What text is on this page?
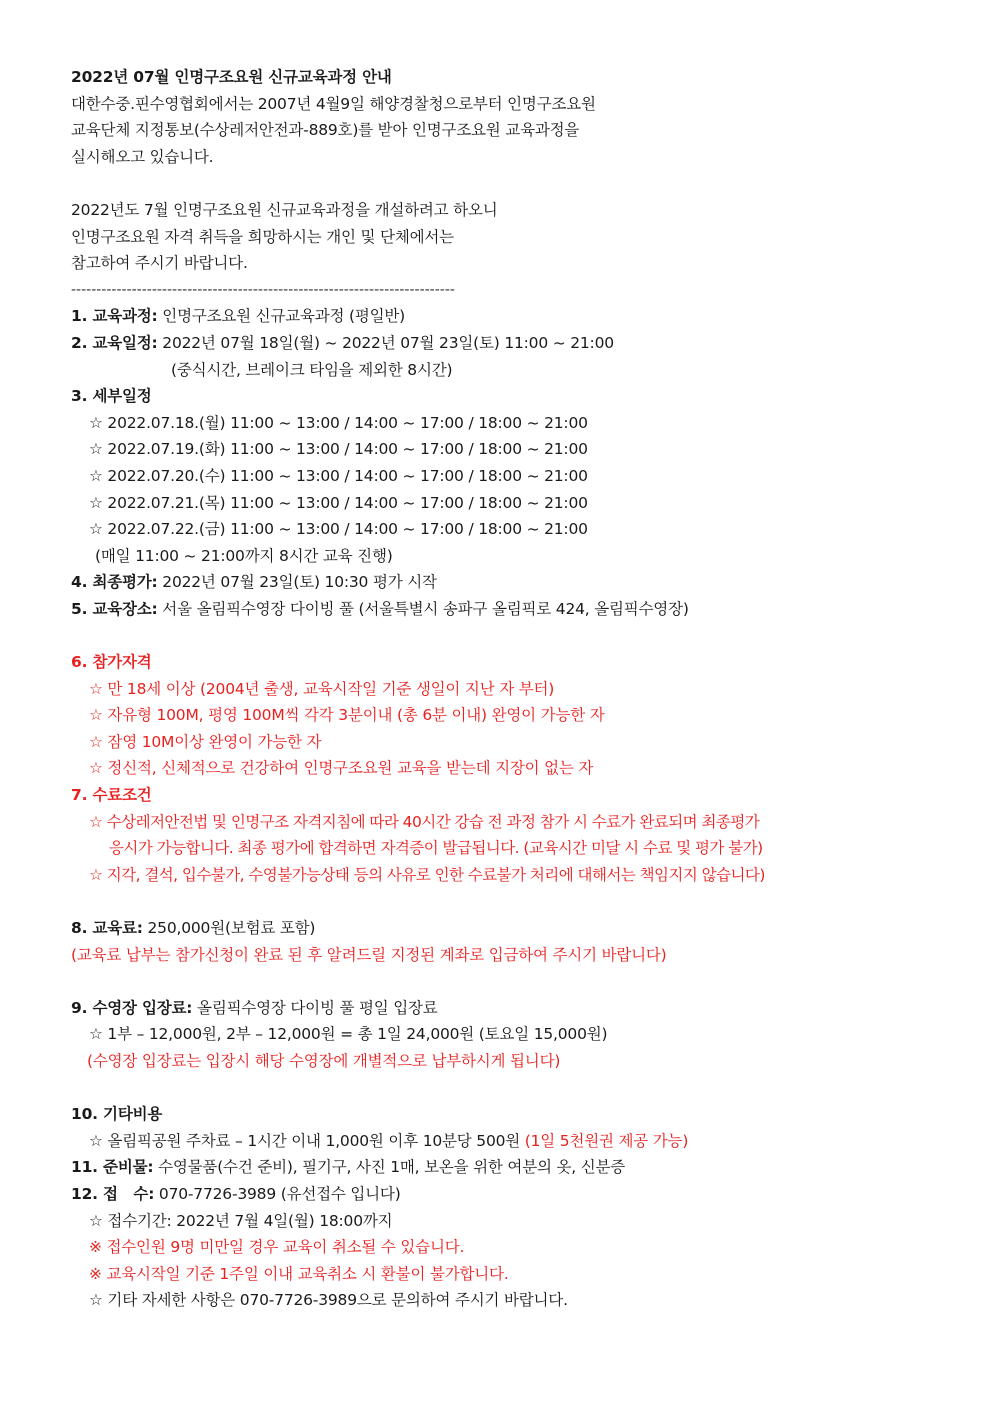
2022년 07월 인명구조요원 신규교육과정 안내
대한수중.핀수영협회에서는 2007년 4월9일 해양경찰청으로부터 인명구조요원
교육단체 지정통보(수상레저안전과-889호)를 받아 인명구조요원 교육과정을
실시해오고 있습니다.
2022년도 7월 인명구조요원 신규교육과정을 개설하려고 하오니
인명구조요원 자격 취득을 희망하시는 개인 및 단체에서는
참고하여 주시기 바랍니다.
----------------------------------------------------------------------------
1. 교육과정: 인명구조요원 신규교육과정 (평일반)
2. 교육일정: 2022년 07월 18일(월) ~ 2022년 07월 23일(토) 11:00 ~ 21:00
(중식시간, 브레이크 타임을 제외한 8시간)
3. 세부일정
☆ 2022.07.18.(월) 11:00 ~ 13:00 / 14:00 ~ 17:00 / 18:00 ~ 21:00
☆ 2022.07.19.(화) 11:00 ~ 13:00 / 14:00 ~ 17:00 / 18:00 ~ 21:00
☆ 2022.07.20.(수) 11:00 ~ 13:00 / 14:00 ~ 17:00 / 18:00 ~ 21:00
☆ 2022.07.21.(목) 11:00 ~ 13:00 / 14:00 ~ 17:00 / 18:00 ~ 21:00
☆ 2022.07.22.(금) 11:00 ~ 13:00 / 14:00 ~ 17:00 / 18:00 ~ 21:00
(매일 11:00 ~ 21:00까지 8시간 교육 진행)
4. 최종평가: 2022년 07월 23일(토) 10:30 평가 시작
5. 교육장소: 서울 올림픽수영장 다이빙 풀 (서울특별시 송파구 올림픽로 424, 올림픽수영장)
6. 참가자격
☆ 만 18세 이상 (2004년 출생, 교육시작일 기준 생일이 지난 자 부터)
☆ 자유형 100M, 평영 100M씩 각각 3분이내 (총 6분 이내) 완영이 가능한 자
☆ 잠영 10M이상 완영이 가능한 자
☆ 정신적, 신체적으로 건강하여 인명구조요원 교육을 받는데 지장이 없는 자
7. 수료조건
☆ 수상레저안전법 및 인명구조 자격지침에 따라 40시간 강습 전 과정 참가 시 수료가 완료되며 최종평가
응시가 가능합니다. 최종 평가에 합격하면 자격증이 발급됩니다. (교육시간 미달 시 수료 및 평가 불가)
☆ 지각, 결석, 입수불가, 수영불가능상태 등의 사유로 인한 수료불가 처리에 대해서는 책임지지 않습니다)
8. 교육료: 250,000원(보험료 포함)
(교육료 납부는 참가신청이 완료 된 후 알려드릴 지정된 계좌로 입금하여 주시기 바랍니다)
9. 수영장 입장료: 올림픽수영장 다이빙 풀 평일 입장료
☆ 1부 – 12,000원, 2부 – 12,000원 = 총 1일 24,000원 (토요일 15,000원)
(수영장 입장료는 입장시 해당 수영장에 개별적으로 납부하시게 됩니다)
10. 기타비용
☆ 올림픽공원 주차료 – 1시간 이내 1,000원 이후 10분당 500원 (1일 5천원권 제공 가능)
11. 준비물: 수영물품(수건 준비), 필기구, 사진 1매, 보온을 위한 여분의 옷, 신분증
12. 접   수: 070-7726-3989 (유선접수 입니다)
☆ 접수기간: 2022년 7월 4일(월) 18:00까지
※ 접수인원 9명 미만일 경우 교육이 취소될 수 있습니다.
※ 교육시작일 기준 1주일 이내 교육취소 시 환불이 불가합니다.
☆ 기타 자세한 사항은 070-7726-3989으로 문의하여 주시기 바랍니다.
